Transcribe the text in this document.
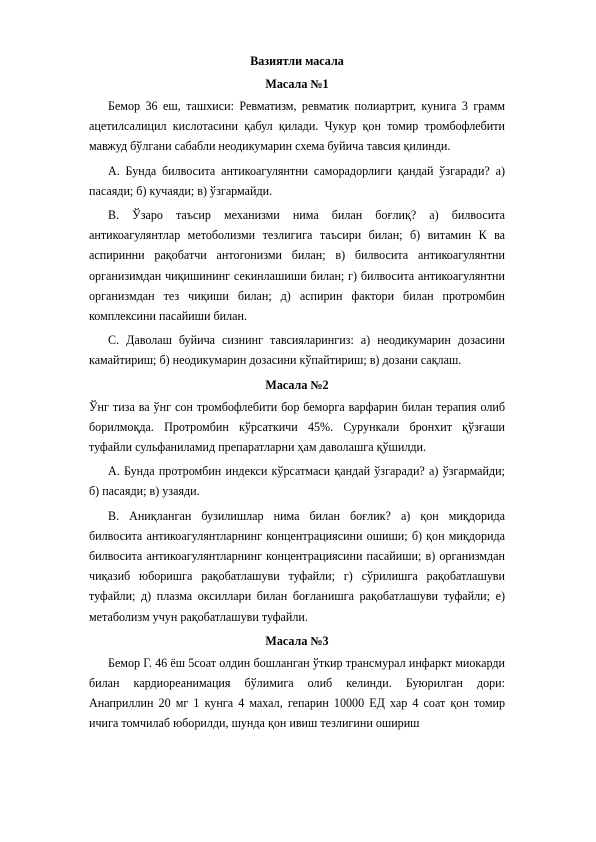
Вазиятли масала
Масала №1

Бемор 36 еш, ташхиси: Ревматизм, ревматик полиартрит, кунига 3 грамм ацетилсалицил кислотасини қабул қилади. Чукур қон томир тромбофлебити мавжуд бўлгани сабабли неодикумарин схема буйича тавсия қилинди.

А. Бунда билвосита антикоагулянтни самoрадорлиги қандай ўзгаради? а) пасаяди; б) кучаяди; в) ўзгармайди.

В. Ўзаро таъсир механизми нима билан боғлиқ? а) билвосита антикоагулянтлар метоболизми тезлигига таъсири билан; б) витамин К ва аспиринни рақобатчи антогонизми билан; в) билвосита антикоагулянтни организимдан чиқишининг секинлашиши билан; г) билвосита антикоагулянтни организмдан тез чиқиши билан; д) аспирин фактори билан протромбин комплексини пасайиши билан.

С. Даволаш буйича сизнинг тавсияларингиз: а) неодикумарин дозасини камайтириш; б) неодикумарин дозасини кўпайтириш; в) дозани сақлаш.

Масала №2

Ўнг тиза ва ўнг сон тромбофлебити бор беморга варфарин билан терапия олиб борилмоқда. Протромбин кўрсаткичи 45%. Сурункали бронхит қўзғаши туфайли сульфаниламид препаратларни ҳам даволашга қўшилди.

А. Бунда протромбин индекси кўрсатмаси қандай ўзгаради? а) ўзгармайди; б) пасаяди; в) узаяди.

В. Аниқланган бузилишлар нима билан боғлик? а) қон миқдорида билвосита антикоагулянтларнинг концентрациясини ошиши; б) қон миқдорида билвосита антикоагулянтларнинг концентрациясини пасайиши; в) организмдан чиқазиб юборишга рақобатлашуви туфайли; г) сўрилишга рақобатлашуви туфайли; д) плазма оксиллари билан боғланишга рақобатлашуви туфайли; е) метаболизм учун рақобатлашуви туфайли.

Масала №3

Бемор Г. 46 ёш 5соат олдин бошланган ўткир трансмурал инфаркт миокарди билан кардиореанимация бўлимига олиб келинди. Буюрилган дори: Анаприллин 20 мг 1 кунга 4 махал, гепарин 10000 ЕД хар 4 соат қон томир ичига томчилаб юборилди, шунда қон ивиш тезлигини ошириш
